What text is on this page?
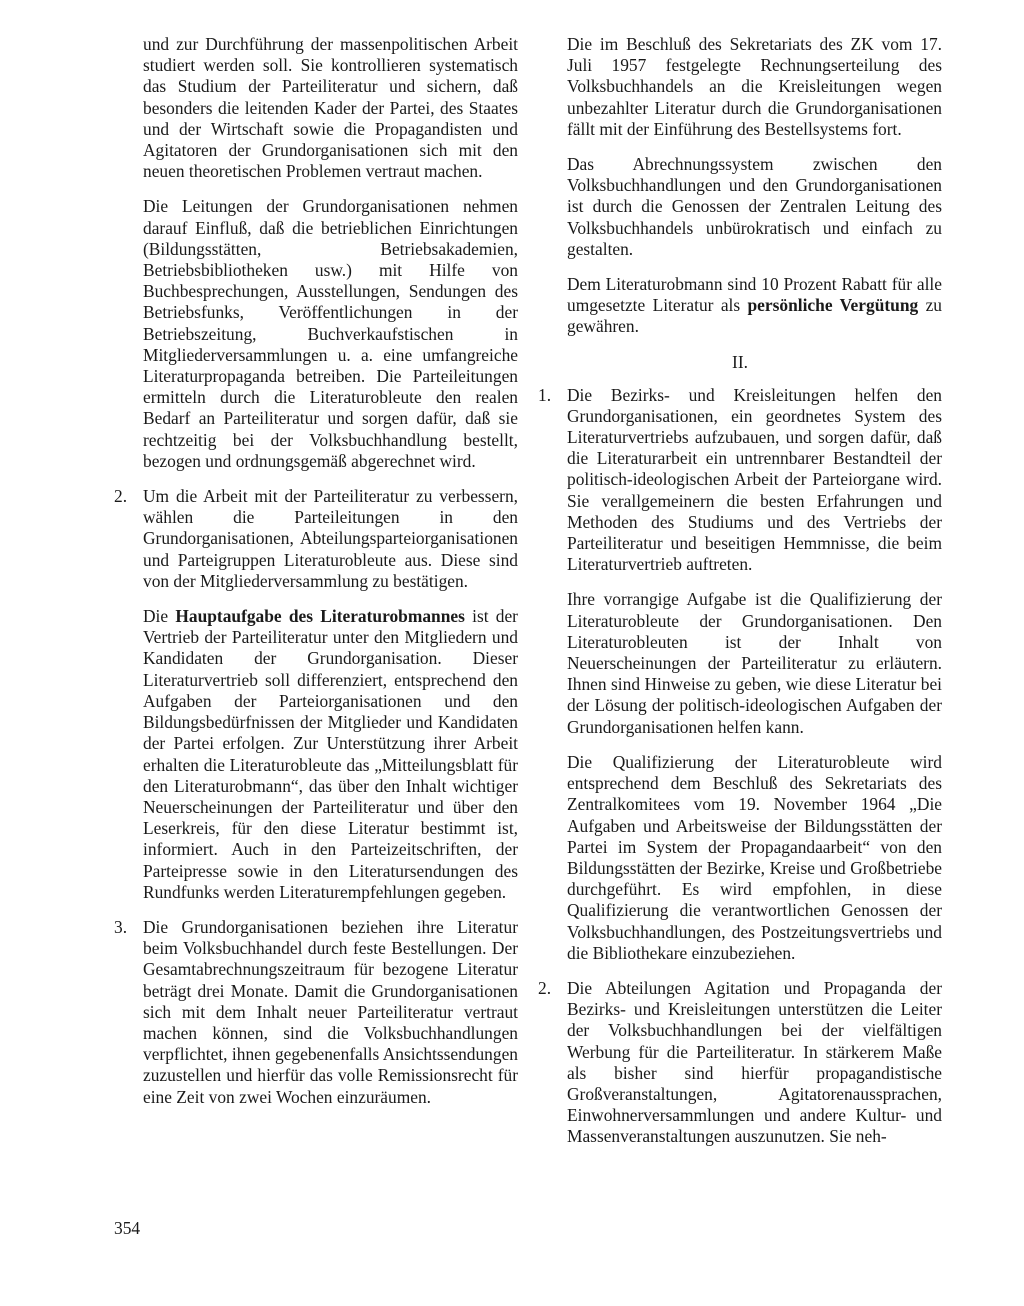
und zur Durchführung der massenpolitischen Arbeit studiert werden soll. Sie kontrollieren systematisch das Studium der Parteiliteratur und sichern, daß besonders die leitenden Kader der Partei, des Staates und der Wirtschaft sowie die Propagandisten und Agitatoren der Grundorganisationen sich mit den neuen theoretischen Problemen vertraut machen.

Die Leitungen der Grundorganisationen nehmen darauf Einfluß, daß die betrieblichen Einrichtungen (Bildungsstätten, Betriebsakademien, Betriebsbibliotheken usw.) mit Hilfe von Buchbesprechungen, Ausstellungen, Sendungen des Betriebsfunks, Veröffentlichungen in der Betriebszeitung, Buchverkaufstischen in Mitgliederversammlungen u. a. eine umfangreiche Literaturpropaganda betreiben. Die Parteileitungen ermitteln durch die Literaturobleute den realen Bedarf an Parteiliteratur und sorgen dafür, daß sie rechtzeitig bei der Volksbuchhandlung bestellt, bezogen und ordnungsgemäß abgerechnet wird.

2. Um die Arbeit mit der Parteiliteratur zu verbessern, wählen die Parteileitungen in den Grundorganisationen, Abteilungsparteiorganisationen und Parteigruppen Literaturobleute aus. Diese sind von der Mitgliederversammlung zu bestätigen.

Die Hauptaufgabe des Literaturobmannes ist der Vertrieb der Parteiliteratur unter den Mitgliedern und Kandidaten der Grundorganisation. Dieser Literaturvertrieb soll differenziert, entsprechend den Aufgaben der Parteiorganisationen und den Bildungsbedürfnissen der Mitglieder und Kandidaten der Partei erfolgen. Zur Unterstützung ihrer Arbeit erhalten die Literaturobleute das „Mitteilungsblatt für den Literaturobmann“, das über den Inhalt wichtiger Neuerscheinungen der Parteiliteratur und über den Leserkreis, für den diese Literatur bestimmt ist, informiert. Auch in den Parteizeitschriften, der Parteipresse sowie in den Literatursendungen des Rundfunks werden Literaturempfehlungen gegeben.

3. Die Grundorganisationen beziehen ihre Literatur beim Volksbuchhandel durch feste Bestellungen. Der Gesamtabrechnungszeitraum für bezogene Literatur beträgt drei Monate. Damit die Grundorganisationen sich mit dem Inhalt neuer Parteiliteratur vertraut machen können, sind die Volksbuchhandlungen verpflichtet, ihnen gegebenenfalls Ansichtssendungen zuzustellen und hierfür das volle Remissionsrecht für eine Zeit von zwei Wochen einzuräumen.

Die im Beschluß des Sekretariats des ZK vom 17. Juli 1957 festgelegte Rechnungserteilung des Volksbuchhandels an die Kreisleitungen wegen unbezahlter Literatur durch die Grundorganisationen fällt mit der Einführung des Bestellsystems fort.

Das Abrechnungssystem zwischen den Volksbuchhandlungen und den Grundorganisationen ist durch die Genossen der Zentralen Leitung des Volksbuchhandels unbürokratisch und einfach zu gestalten.

Dem Literaturobmann sind 10 Prozent Rabatt für alle umgesetzte Literatur als persönliche Vergütung zu gewähren.

II.
1. Die Bezirks- und Kreisleitungen helfen den Grundorganisationen, ein geordnetes System des Literaturvertriebs aufzubauen, und sorgen dafür, daß die Literaturarbeit ein untrennbarer Bestandteil der politisch-ideologischen Arbeit der Parteiorgane wird. Sie verallgemeinern die besten Erfahrungen und Methoden des Studiums und des Vertriebs der Parteiliteratur und beseitigen Hemmnisse, die beim Literaturvertrieb auftreten.

Ihre vorrangige Aufgabe ist die Qualifizierung der Literaturobleute der Grundorganisationen. Den Literaturobleuten ist der Inhalt von Neuerscheinungen der Parteiliteratur zu erläutern. Ihnen sind Hinweise zu geben, wie diese Literatur bei der Lösung der politisch-ideologischen Aufgaben der Grundorganisationen helfen kann.

Die Qualifizierung der Literaturobleute wird entsprechend dem Beschluß des Sekretariats des Zentralkomitees vom 19. November 1964 „Die Aufgaben und Arbeitsweise der Bildungsstätten der Partei im System der Propagandaarbeit“ von den Bildungsstätten der Bezirke, Kreise und Großbetriebe durchgeführt. Es wird empfohlen, in diese Qualifizierung die verantwortlichen Genossen der Volksbuchhandlungen, des Postzeitungsvertriebs und die Bibliothekare einzubeziehen.

2. Die Abteilungen Agitation und Propaganda der Bezirks- und Kreisleitungen unterstützen die Leiter der Volksbuchhandlungen bei der vielfältigen Werbung für die Parteiliteratur. In stärkerem Maße als bisher sind hierfür propagandistische Großveranstaltungen, Agitatorenaussprachen, Einwohnerversammlungen und andere Kultur- und Massenveranstaltungen auszunutzen. Sie neh-
354
